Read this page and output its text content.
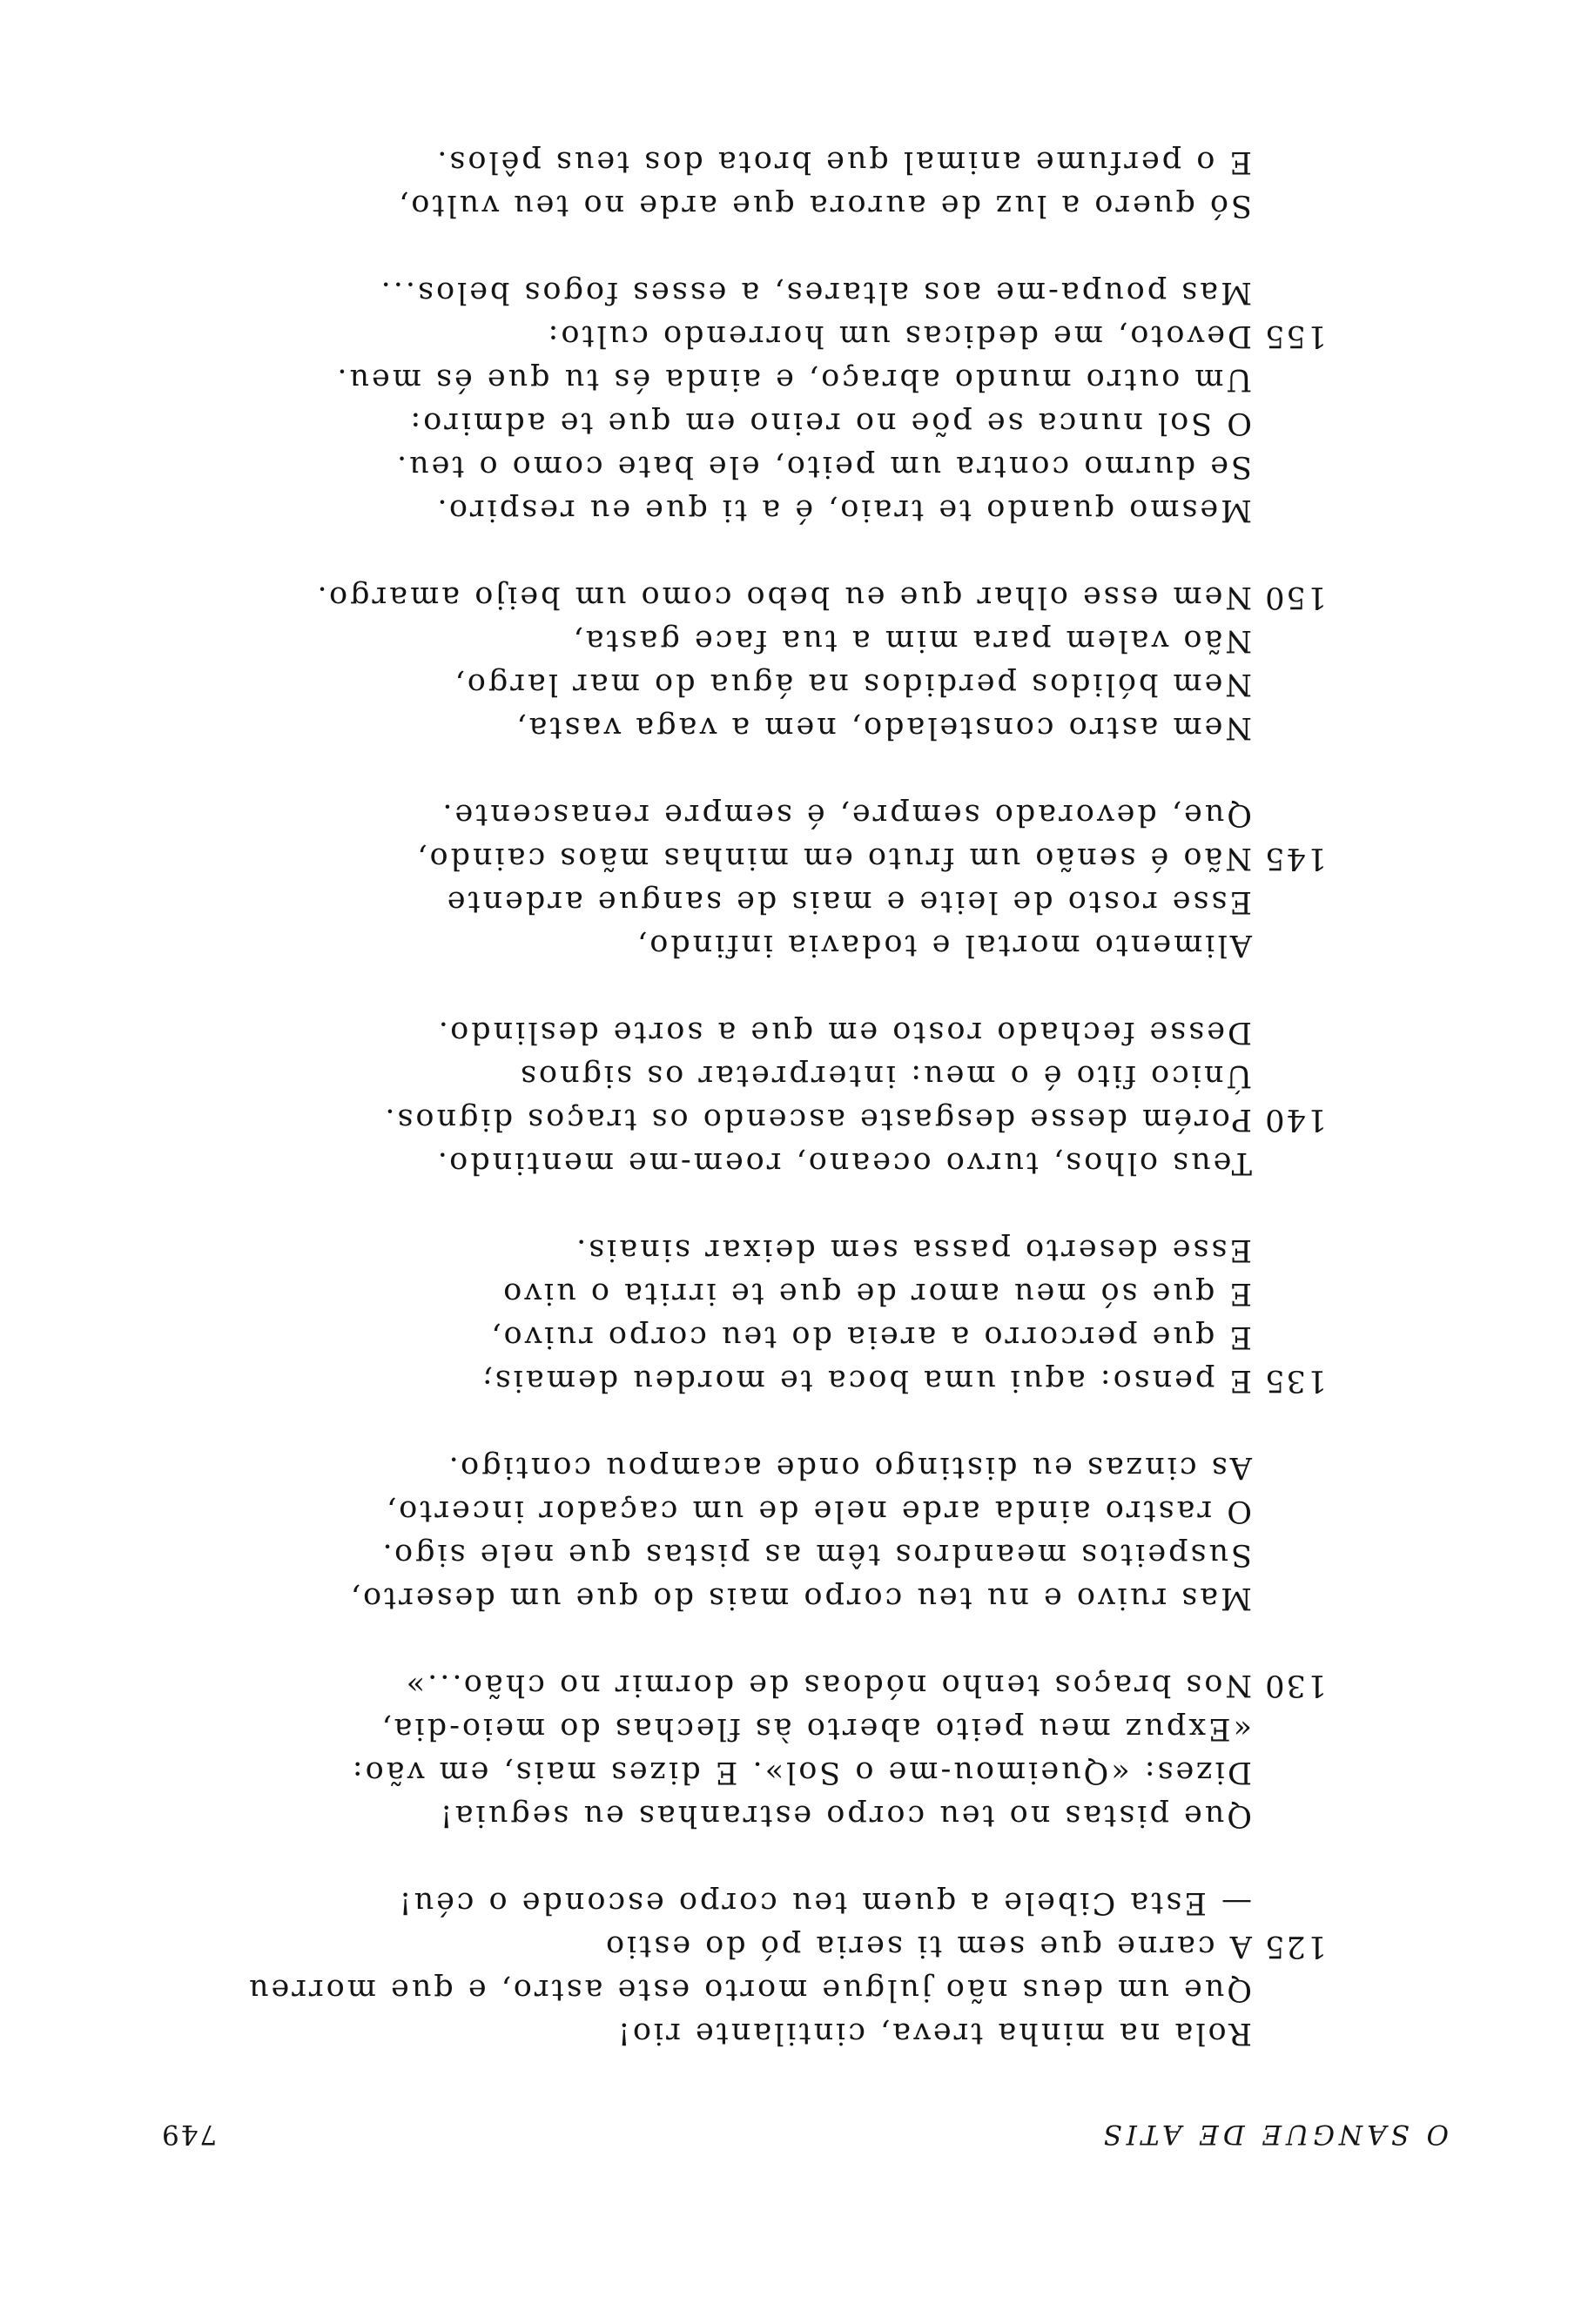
O SANGUE DE ATIS
749
Rola na minha treva, cintilante rio!
Que um deus não julgue morto este astro, e que morreu
125
A carne que sem ti seria pó do estio
— Esta Cibele a quem teu corpo esconde o céu!
Que pistas no teu corpo estranhas eu seguia!
Dizes: «Queimou-me o Sol». E dizes mais, em vão:
«Expuz meu peito aberto às flechas do meio-dia,
130
Nos braços tenho nódoas de dormir no chão...»
Mas ruivo e nu teu corpo mais do que um deserto,
Suspeitos meandros têm as pistas que nele sigo.
O rastro ainda arde nele de um caçador incerto,
As cinzas eu distingo onde acampou contigo.
135
E penso: aqui uma boca te mordeu demais;
E que percorro a areia do teu corpo ruivo,
E que só meu amor de que te irrita o uivo
Esse deserto passa sem deixar sinais.
Teus olhos, turvo oceano, roem-me mentindo.
140
Porém desse desgaste ascendo os traços dignos.
Único fito é o meu: interpretar os signos
Desse fechado rosto em que a sorte deslindo.
Alimento mortal e todavia infindo,
Esse rosto de leite e mais de sangue ardente
145
Não é senão um fruto em minhas mãos caindo,
Que, devorado sempre, é sempre renascente.
Nem astro constelado, nem a vaga vasta,
Nem bólidos perdidos na água do mar largo,
Não valem para mim a tua face gasta,
150
Nem esse olhar que eu bebo como um beijo amargo.
Mesmo quando te traio, é a ti que eu respiro.
Se durmo contra um peito, ele bate como o teu.
O Sol nunca se põe no reino em que te admiro:
Um outro mundo abraço, e ainda és tu que és meu.
155
Devoto, me dedicas um horrendo culto:
Mas poupa-me aos altares, a esses fogos belos...
Só quero a luz de aurora que arde no teu vulto,
E o perfume animal que brota dos teus pêlos.
